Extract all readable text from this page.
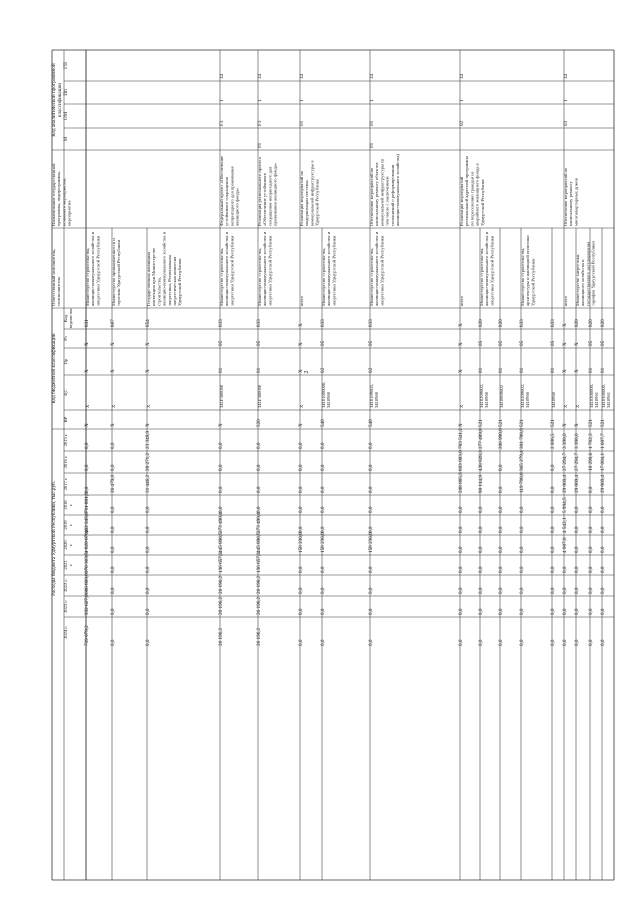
2
Код аналитической программнойклассификации
ГП
Пп
ОМ
М
Наименование государственнойпрограммы, подпрограммы,основного мероприятия,мероприятия
Ответственный исполнитель,соисполнитель
Код бюджетной классификации
Кодведомства
Рз
Пр
ЦС
ВР
Расходы бюджета Удмуртской Республики, тыс.руб.
2015 г.
2016 г.
2017 г.
2018г.
2019г.
2020г.
2021г.
2022 г.
2023 г.
2024 г.
Министерство строительства,жилищно-коммунального хозяйства иэнергетики Удмуртской Республики
831
X
X
X
X
0,0
0,0
0,0
711 881,3
412 245,0
1 820 679,6
976 313,5
686 803,6
932 627,9
719 079,2
Министерство промышленности иторговли Удмуртской Республики
807
X
X
X
X
0,0
0,0
26 479,0
0,0
0,0
0,0
0,0
0,0
0,0
0,0
Государственная жилищнаяинспекция при Министерствестроительства,жилищно-коммунального хозяйства иэнергетики, Региональнаяэнергетическая комиссияУдмуртской Республики
854
X
X
X
X
23 349,9
28 271,2
31 446,2
0,0
0,0
0,0
0,0
0,0
0,0
0,0
34
1
F3
Федеральный проект «Обеспечениеустойчивого сокращениянепригодного для проживанияжилищного фонда»
Министерство строительства,жилищно-коммунального хозяйства иэнергетики Удмуртской Республики
833
05
01
341F300000
X
0,0
0,0
0,0
0,0
373 490,4
445 896,5
136 657,2
26 196,2
26 196,2
26 196,2
34
1
F3
01
Реализация регионального проекта«Обеспечение устойчивогосокращения непригодного дляпроживания жилищного фонда»
Министерство строительства,жилищно-коммунального хозяйства иэнергетики Удмуртской Республики
833
05
01
341F300000
520
0,0
0,0
0,0
0,0
373 490,4
445 896,5
136 657,2
26 196,2
26 196,2
26 196,2
34
1
01
Реализация мероприятий помодернизации системыкоммунальной инфраструктуры вУдмуртской Республике
всего
X
X
X
X
X
0,0
0,0
0,0
0,0
0,0
158 236,0
0,0
0,0
0,0
0,0
Министерство строительства,жилищно-коммунального хозяйства иэнергетики Удмуртской Республики
833
05
02
34101000000,3410960
540
0,0
0,0
0,0
0,0
0,0
158 236,0
0,0
0,0
0,0
0,0
34
1
01
01
Обеспечение мероприятий покапитальному ремонту объектовкоммунальной инфраструктуры (втом числе с заключениемсоглашений о реформированиижилищно-коммунального хозяйства)
Министерство строительства,жилищно-коммунального хозяйства иэнергетики Удмуртской Республики
833
05
02
3410109605,3410960
540
0,0
0,0
0,0
0,0
0,0
158 236,0
0,0
0,0
0,0
0,0
34
1
02
Реализация мероприятийрегиональной адресной программыпо переселению граждан изаварийного жилищного фонда вУдмуртской Республике
всего
X
X
X
X
X
783 541,2
803 083,0
208 885,5
0,0
0,0
0,0
0,0
0,0
0,0
0,0
Министерство строительства,жилищно-коммунального хозяйства иэнергетики Удмуртской Республики
820
05
01
3410209602,3410960
521
277 489,8
438 828,3
90 114,9
0,0
0,0
0,0
0,0
0,0
0,0
0,0
820
05
01
3410909602
521
206 998,6
0,0
0,0
0,0
0,0
0,0
0,0
0,0
0,0
0,0
Министерство строительства,архитектуры и жилищной политикиУдмуртской Республики
833
05
01
3410209602,3410960
521
301 788,0
365 279,4
119 788,8
0,0
0,0
0,0
0,0
0,0
0,0
0,0
833
05
01
3410960
521
2 006,5
0,0
0,0
0,0
0,0
0,0
0,0
0,0
0,0
0,0
34
1
03
Обеспечение мероприятий покапитальному ремонтумногоквартирных домов
всего
X
X
X
X
X
3 390,0
27 294,7
29 069,4
5 994,5
4 542,1
4 007,8
0,0
0,0
0,0
0,0
Министерство энергетики,жилищного хозяйства игосударственного регулированиятарифов Удмуртской Республики
820
X
X
X
X
3 390,0
27 294,7
29 069,4
0,0
0,0
0,0
0,0
0,0
0,0
0,0
820
05
01
3410300000,3410961
521
1 782,3
10 290,6
0,0
0,0
0,0
0,0
0,0
0,0
0,0
0,0
820
05
01
3410300000,3410961
521
1 607,7
17 004,1
29 069,4
0,0
0,0
0,0
0,0
0,0
0,0
0,0
